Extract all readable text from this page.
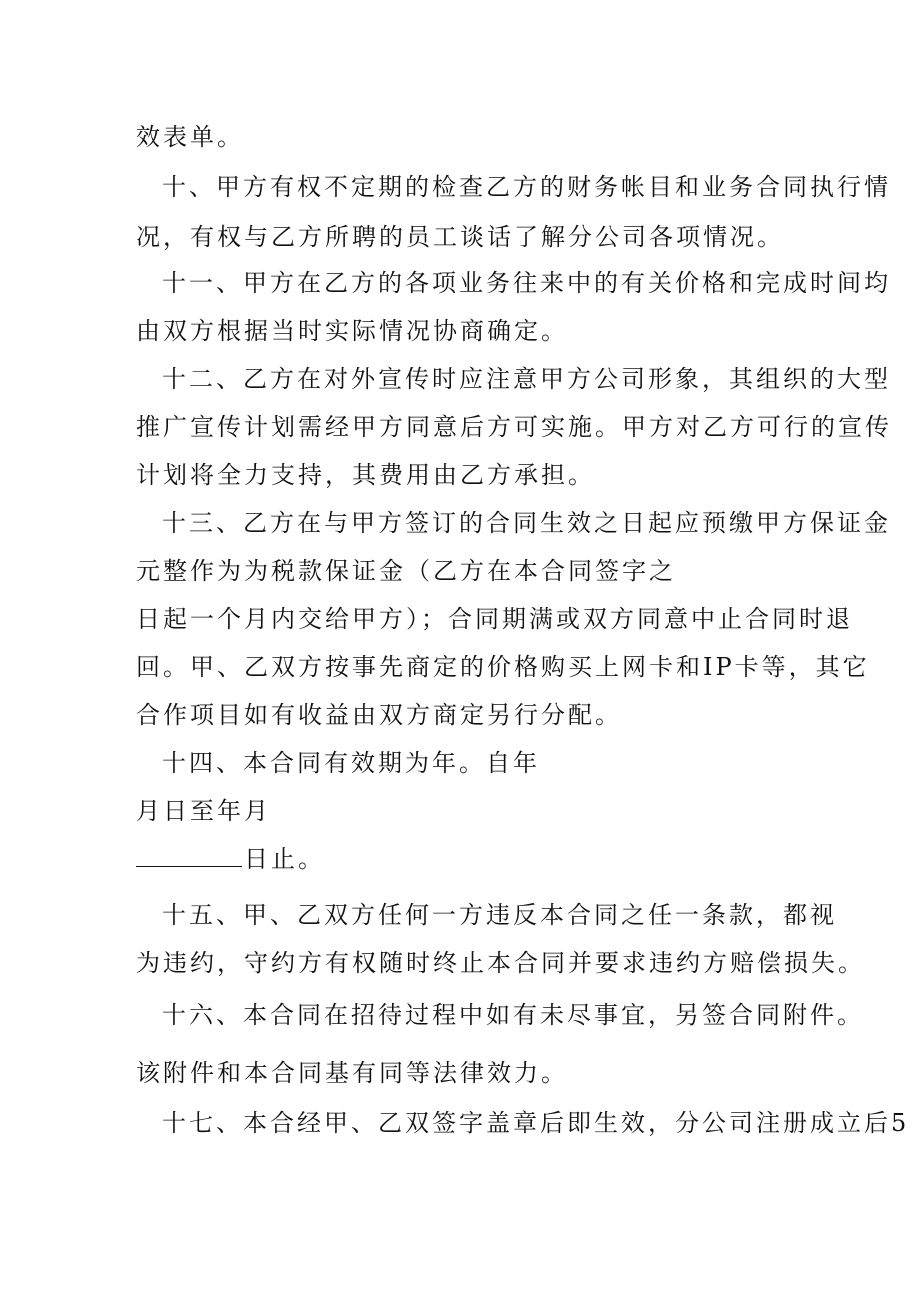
效表单。
十、甲方有权不定期的检查乙方的财务帐目和业务合同执行情
况，有权与乙方所聘的员工谈话了解分公司各项情况。
十一、甲方在乙方的各项业务往来中的有关价格和完成时间均
由双方根据当时实际情况协商确定。
十二、乙方在对外宣传时应注意甲方公司形象，其组织的大型
推广宣传计划需经甲方同意后方可实施。甲方对乙方可行的宣传
计划将全力支持，其费用由乙方承担。
十三、乙方在与甲方签订的合同生效之日起应预缴甲方保证金
元整作为为税款保证金（乙方在本合同签字之
日起一个月内交给甲方）；合同期满或双方同意中止合同时退
回。甲、乙双方按事先商定的价格购买上网卡和IP卡等，其它
合作项目如有收益由双方商定另行分配。
十四、本合同有效期为年。自年
月日至年月
日止。
十五、甲、乙双方任何一方违反本合同之任一条款，都视
为违约，守约方有权随时终止本合同并要求违约方赔偿损失。
十六、本合同在招待过程中如有未尽事宜，另签合同附件。
该附件和本合同基有同等法律效力。
十七、本合经甲、乙双签字盖章后即生效，分公司注册成立后5
